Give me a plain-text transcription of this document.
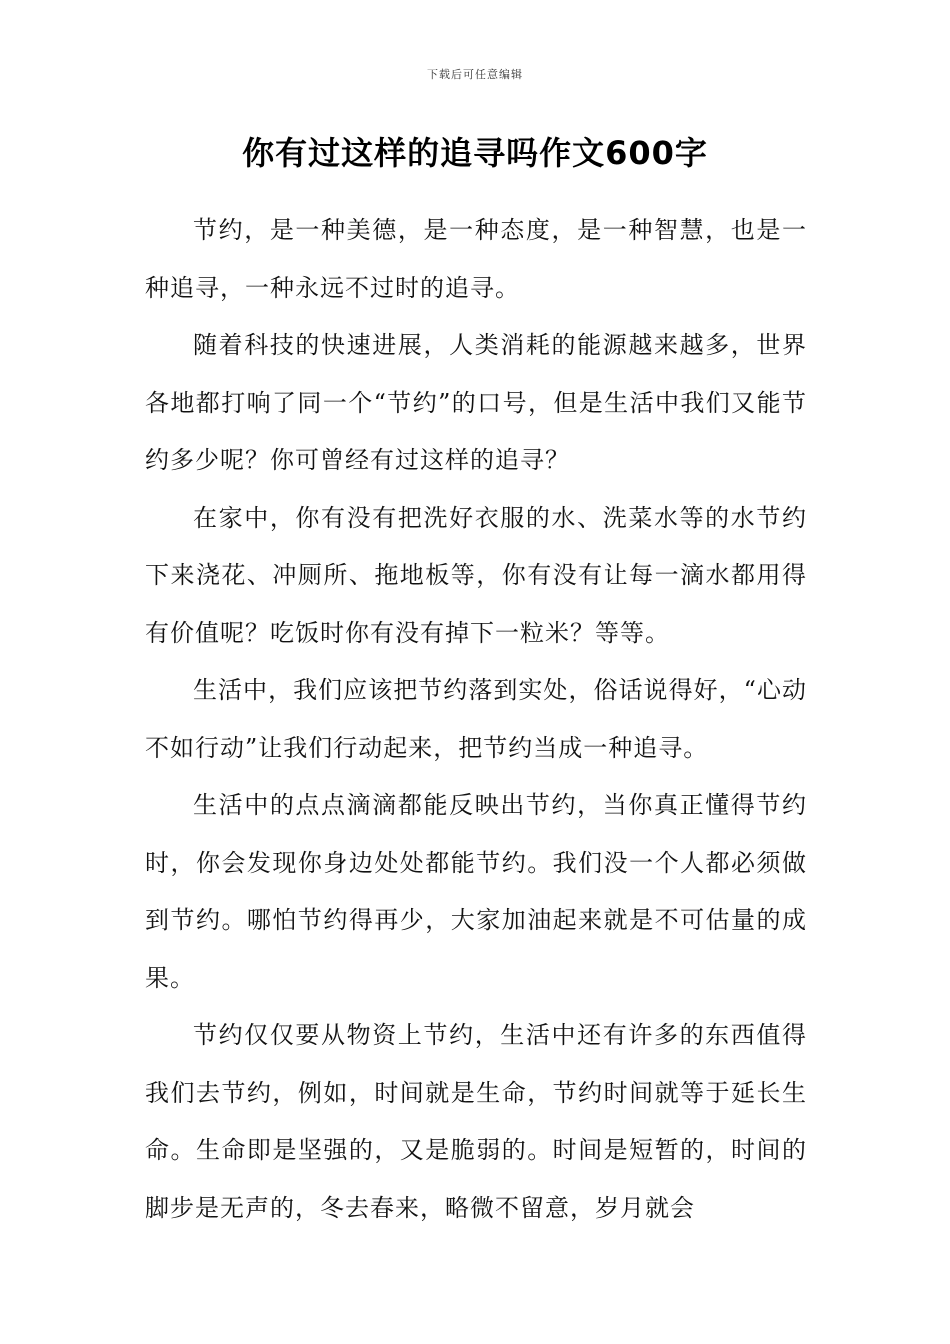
下载后可任意编辑
你有过这样的追寻吗作文600字

节约，是一种美德，是一种态度，是一种智慧，也是一种追寻，一种永远不过时的追寻。

随着科技的快速进展，人类消耗的能源越来越多，世界各地都打响了同一个“节约”的口号，但是生活中我们又能节约多少呢？你可曾经有过这样的追寻？

在家中，你有没有把洗好衣服的水、洗菜水等的水节约下来浇花、冲厕所、拖地板等，你有没有让每一滴水都用得有价值呢？吃饭时你有没有掉下一粒米？等等。

生活中，我们应该把节约落到实处，俗话说得好，“心动不如行动”让我们行动起来，把节约当成一种追寻。

生活中的点点滴滴都能反映出节约，当你真正懂得节约时，你会发现你身边处处都能节约。我们没一个人都必须做到节约。哪怕节约得再少，大家加油起来就是不可估量的成果。

节约仅仅要从物资上节约，生活中还有许多的东西值得我们去节约，例如，时间就是生命，节约时间就等于延长生命。生命即是坚强的，又是脆弱的。时间是短暂的，时间的脚步是无声的，冬去春来，略微不留意，岁月就会
